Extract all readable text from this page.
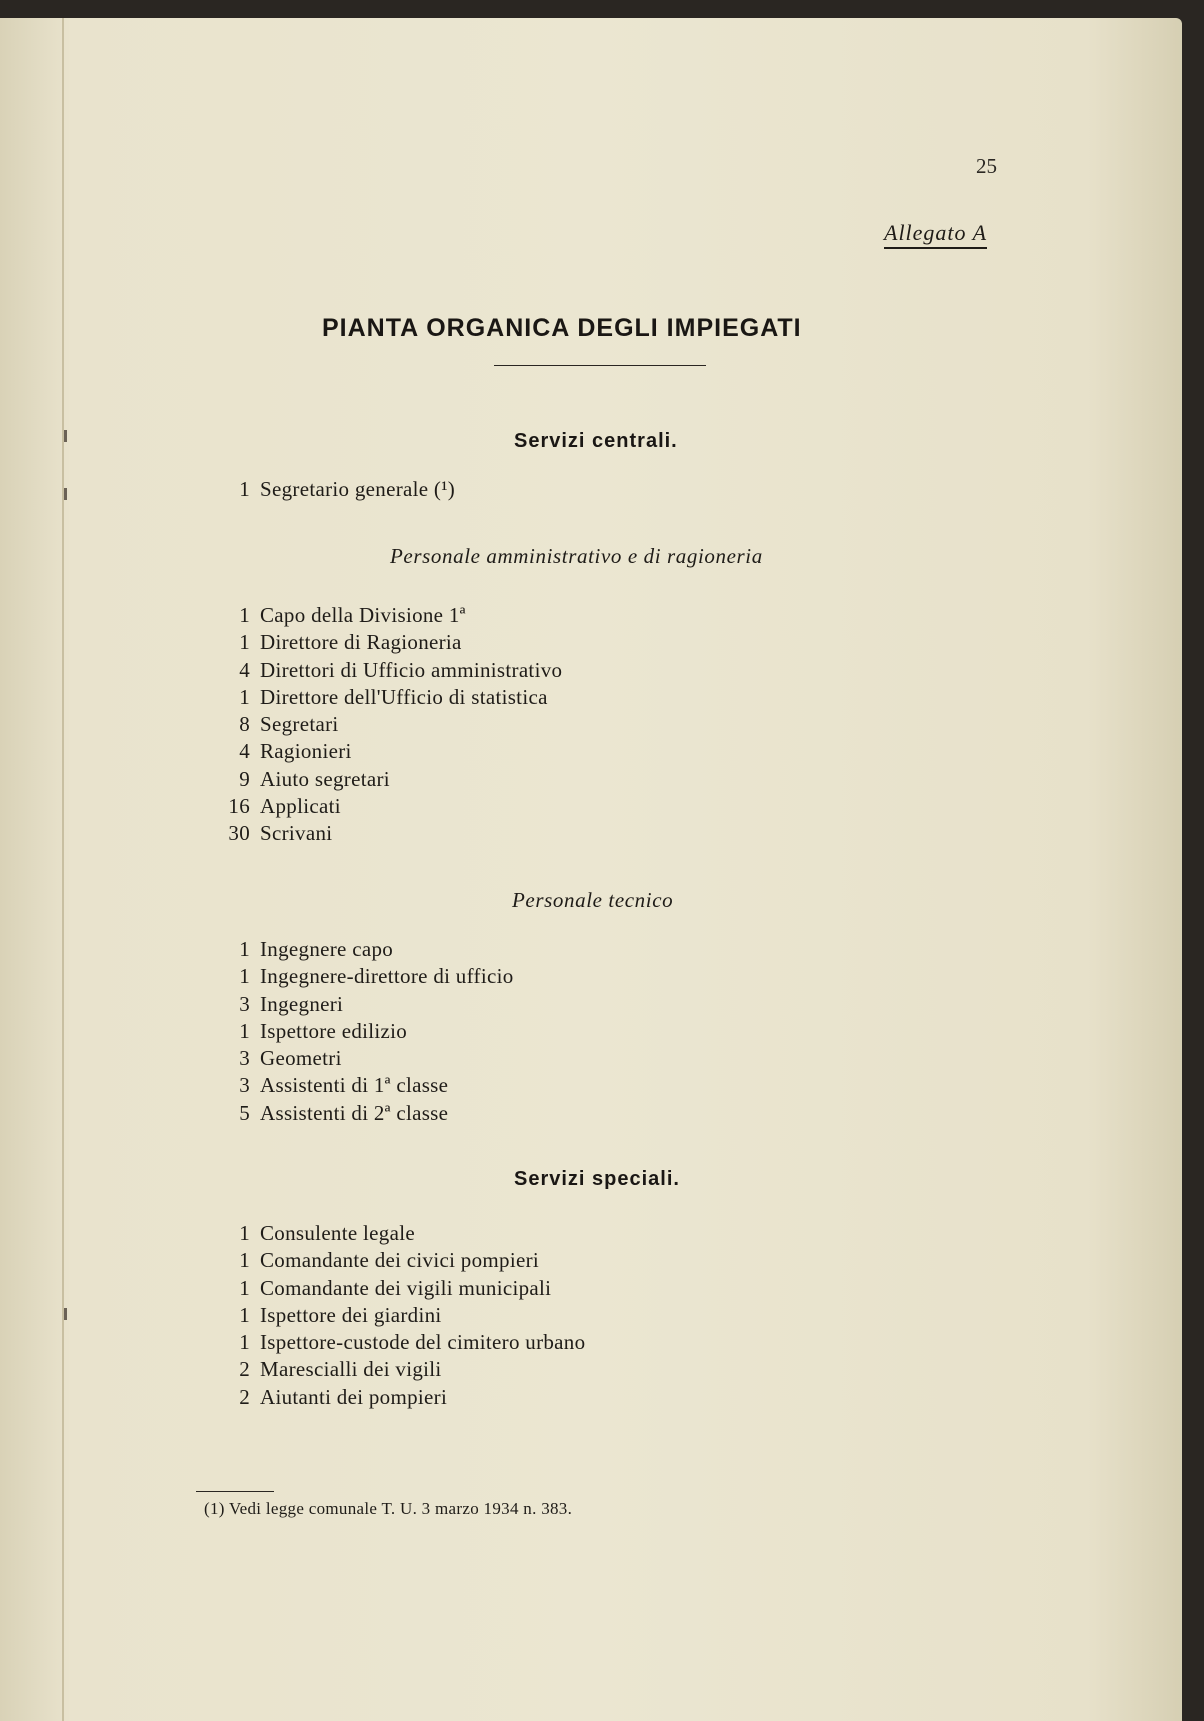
25
Allegato A
PIANTA ORGANICA DEGLI IMPIEGATI
Servizi centrali.
1 Segretario generale (¹)
Personale amministrativo e di ragioneria
1 Capo della Divisione 1ª
1 Direttore di Ragioneria
4 Direttori di Ufficio amministrativo
1 Direttore dell'Ufficio di statistica
8 Segretari
4 Ragionieri
9 Aiuto segretari
16 Applicati
30 Scrivani
Personale tecnico
1 Ingegnere capo
1 Ingegnere-direttore di ufficio
3 Ingegneri
1 Ispettore edilizio
3 Geometri
3 Assistenti di 1ª classe
5 Assistenti di 2ª classe
Servizi speciali.
1 Consulente legale
1 Comandante dei civici pompieri
1 Comandante dei vigili municipali
1 Ispettore dei giardini
1 Ispettore-custode del cimitero urbano
2 Marescialli dei vigili
2 Aiutanti dei pompieri
(1) Vedi legge comunale T. U. 3 marzo 1934 n. 383.
